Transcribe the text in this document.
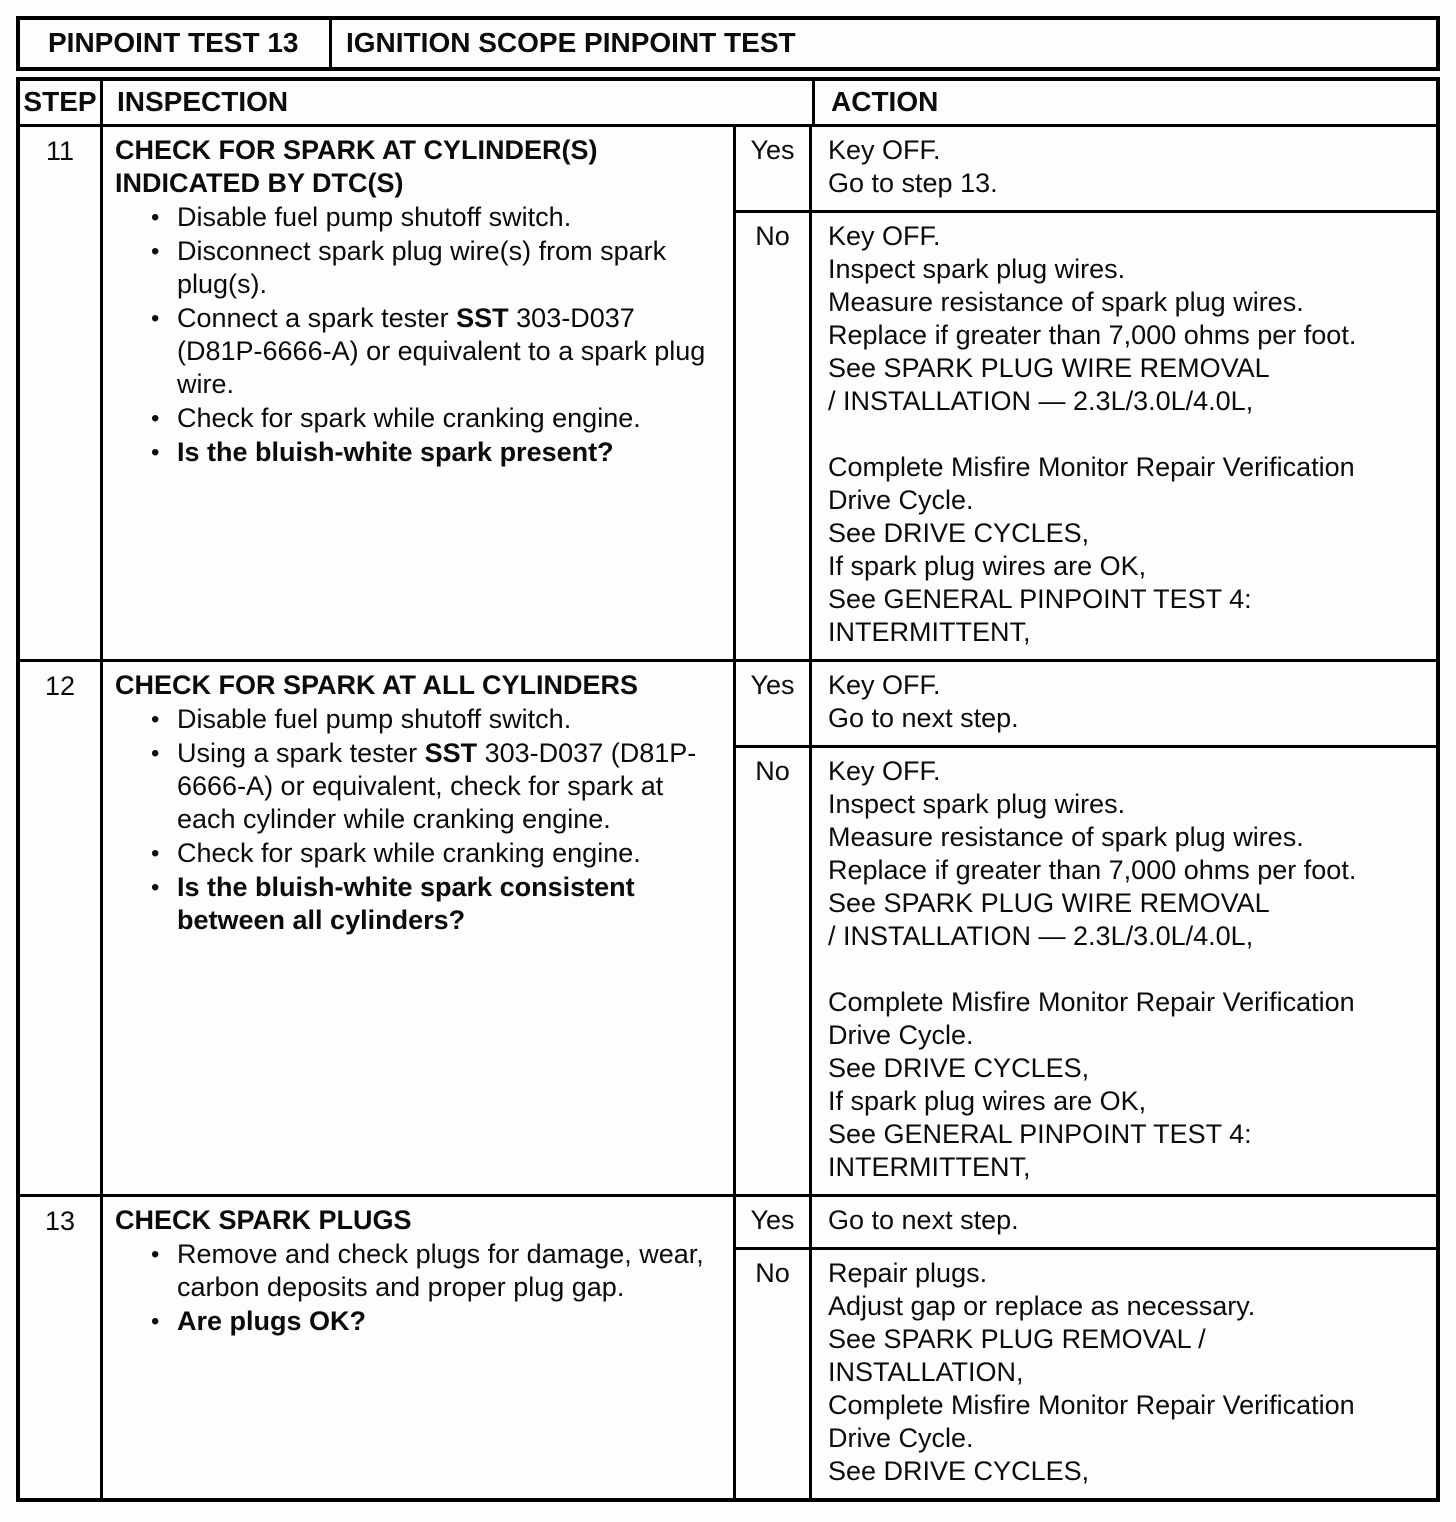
PINPOINT TEST 13	IGNITION SCOPE PINPOINT TEST
STEP INSPECTION	ACTION
11	CHECK FOR SPARK AT CYLINDER(S) INDICATED BY DTC(S)
• Disable fuel pump shutoff switch.
• Disconnect spark plug wire(s) from spark plug(s).
• Connect a spark tester SST 303-D037 (D81P-6666-A) or equivalent to a spark plug wire.
• Check for spark while cranking engine.
• Is the bluish-white spark present?
Yes	Key OFF.
Go to step 13.
No	Key OFF.
Inspect spark plug wires.
Measure resistance of spark plug wires.
Replace if greater than 7,000 ohms per foot.
See SPARK PLUG WIRE REMOVAL
/ INSTALLATION — 2.3L/3.0L/4.0L,

Complete Misfire Monitor Repair Verification
Drive Cycle.
See DRIVE CYCLES,
If spark plug wires are OK,
See GENERAL PINPOINT TEST 4:
INTERMITTENT,
12	CHECK FOR SPARK AT ALL CYLINDERS
• Disable fuel pump shutoff switch.
• Using a spark tester SST 303-D037 (D81P-6666-A) or equivalent, check for spark at each cylinder while cranking engine.
• Check for spark while cranking engine.
• Is the bluish-white spark consistent between all cylinders?
Yes	Key OFF.
Go to next step.
No	Key OFF.
Inspect spark plug wires.
Measure resistance of spark plug wires.
Replace if greater than 7,000 ohms per foot.
See SPARK PLUG WIRE REMOVAL
/ INSTALLATION — 2.3L/3.0L/4.0L,

Complete Misfire Monitor Repair Verification
Drive Cycle.
See DRIVE CYCLES,
If spark plug wires are OK,
See GENERAL PINPOINT TEST 4:
INTERMITTENT,
13	CHECK SPARK PLUGS
• Remove and check plugs for damage, wear, carbon deposits and proper plug gap.
• Are plugs OK?
Yes	Go to next step.
No	Repair plugs.
Adjust gap or replace as necessary.
See SPARK PLUG REMOVAL /
INSTALLATION,
Complete Misfire Monitor Repair Verification
Drive Cycle.
See DRIVE CYCLES,
